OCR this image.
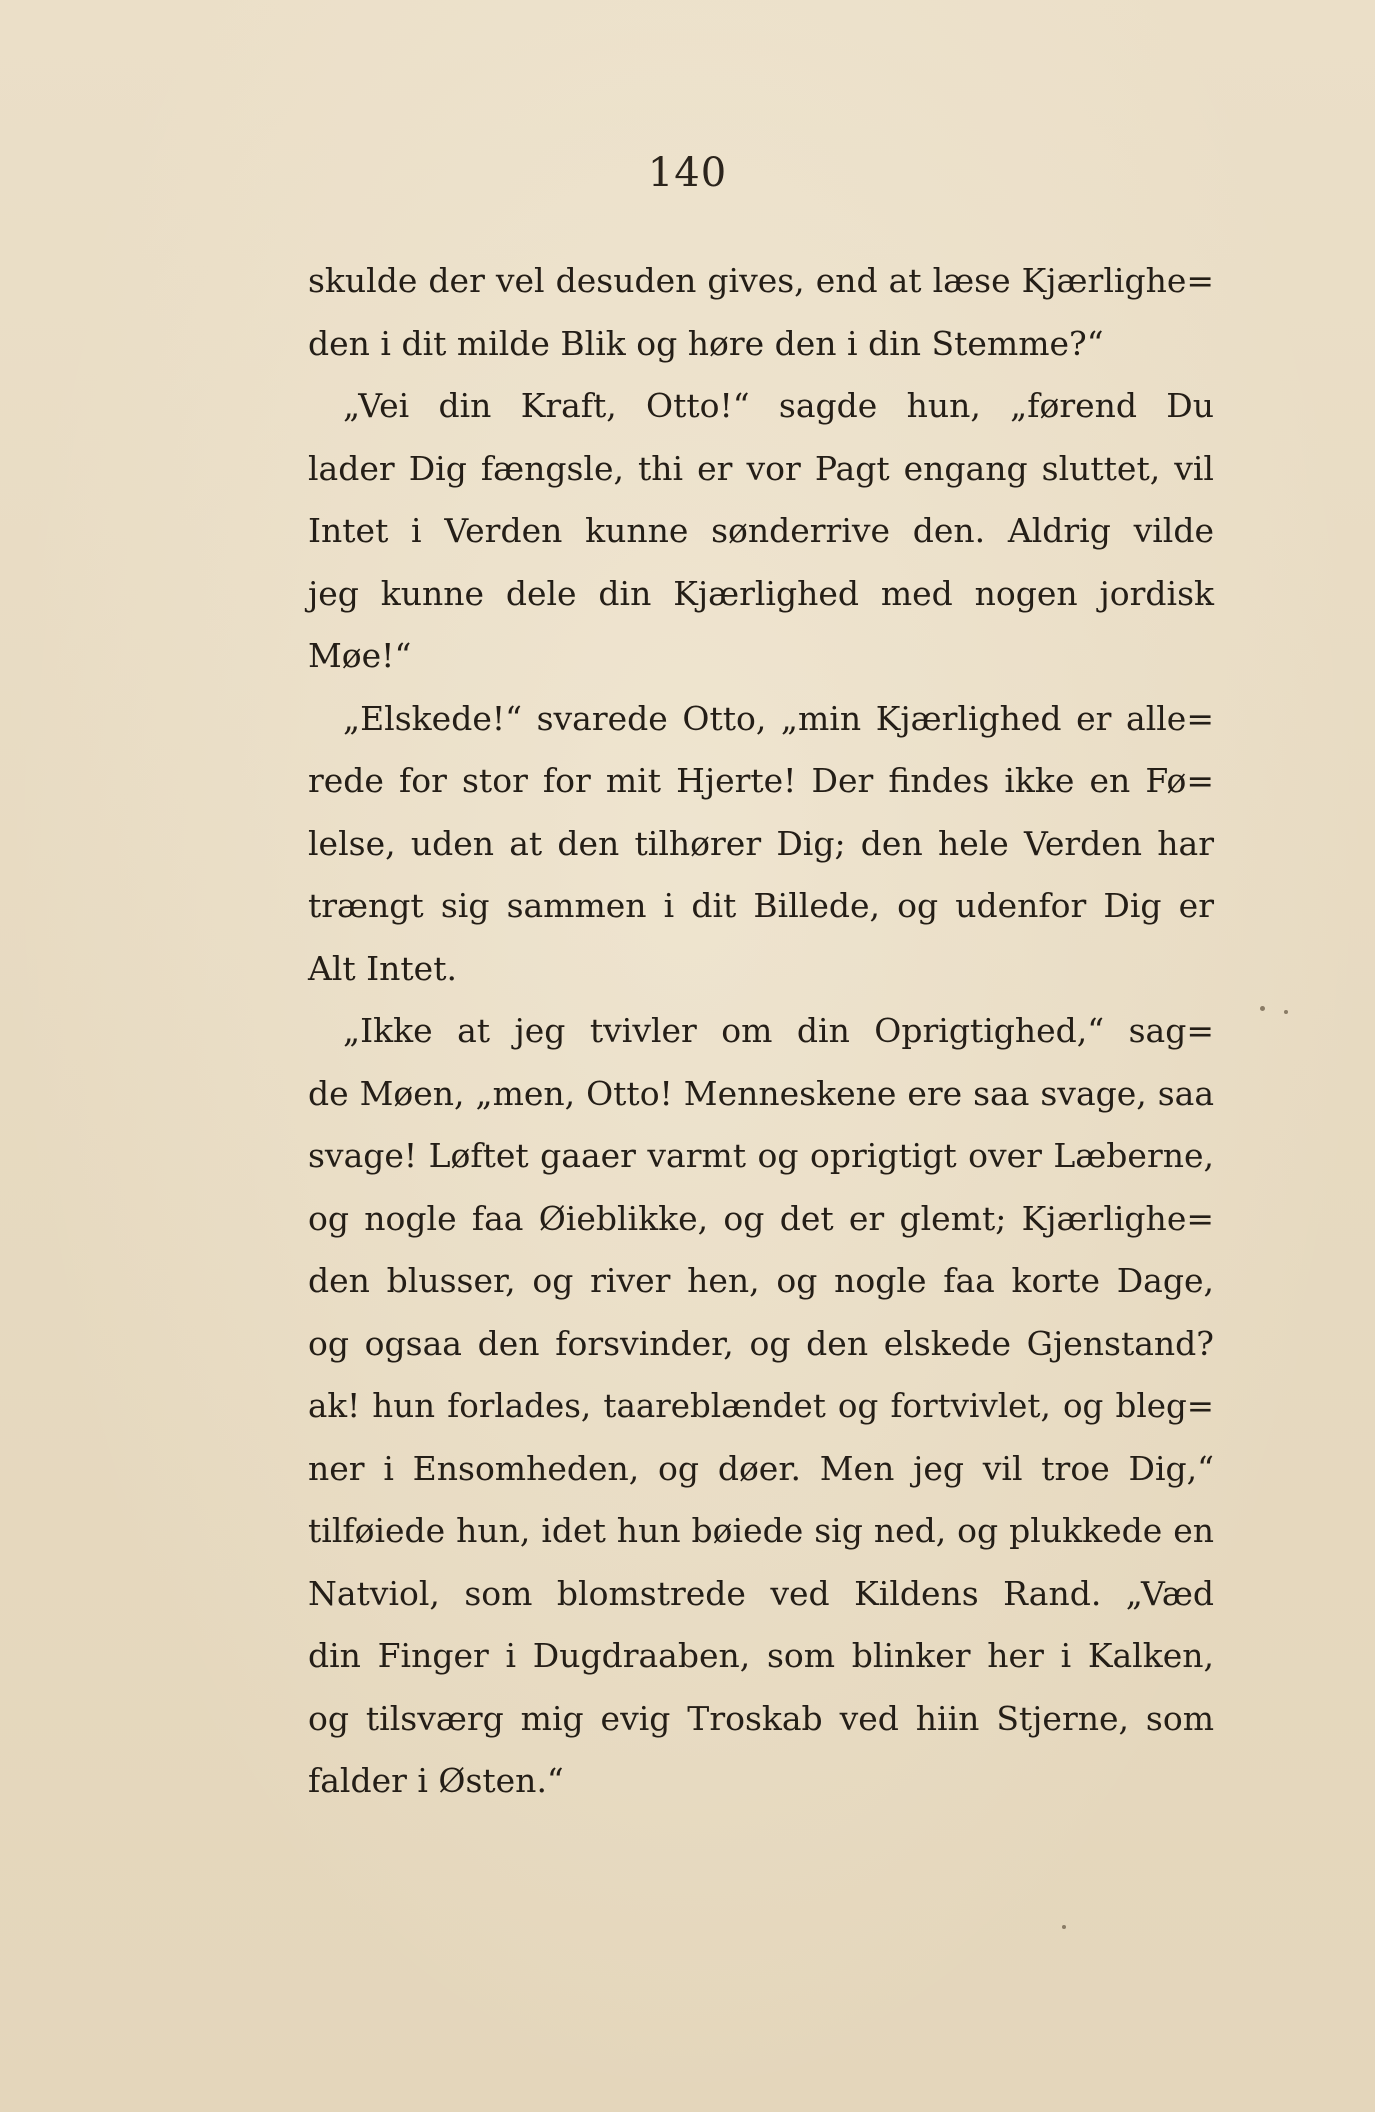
140
skulde der vel desuden gives, end at læse Kjærlighe=
den i dit milde Blik og høre den i din Stemme?“
„Vei din Kraft, Otto!“ sagde hun, „førend Du
lader Dig fængsle, thi er vor Pagt engang sluttet, vil
Intet i Verden kunne sønderrive den. Aldrig vilde
jeg kunne dele din Kjærlighed med nogen jordisk
Møe!“
„Elskede!“ svarede Otto, „min Kjærlighed er alle=
rede for stor for mit Hjerte! Der findes ikke en Fø=
lelse, uden at den tilhører Dig; den hele Verden har
trængt sig sammen i dit Billede, og udenfor Dig er
Alt Intet.
„Ikke at jeg tvivler om din Oprigtighed,“ sag=
de Møen, „men, Otto! Menneskene ere saa svage, saa
svage! Løftet gaaer varmt og oprigtigt over Læberne,
og nogle faa Øieblikke, og det er glemt; Kjærlighe=
den blusser, og river hen, og nogle faa korte Dage,
og ogsaa den forsvinder, og den elskede Gjenstand?
ak! hun forlades, taareblændet og fortvivlet, og bleg=
ner i Ensomheden, og døer. Men jeg vil troe Dig,“
tilføiede hun, idet hun bøiede sig ned, og plukkede en
Natviol, som blomstrede ved Kildens Rand. „Væd
din Finger i Dugdraaben, som blinker her i Kalken,
og tilsværg mig evig Troskab ved hiin Stjerne, som
falder i Østen.“
